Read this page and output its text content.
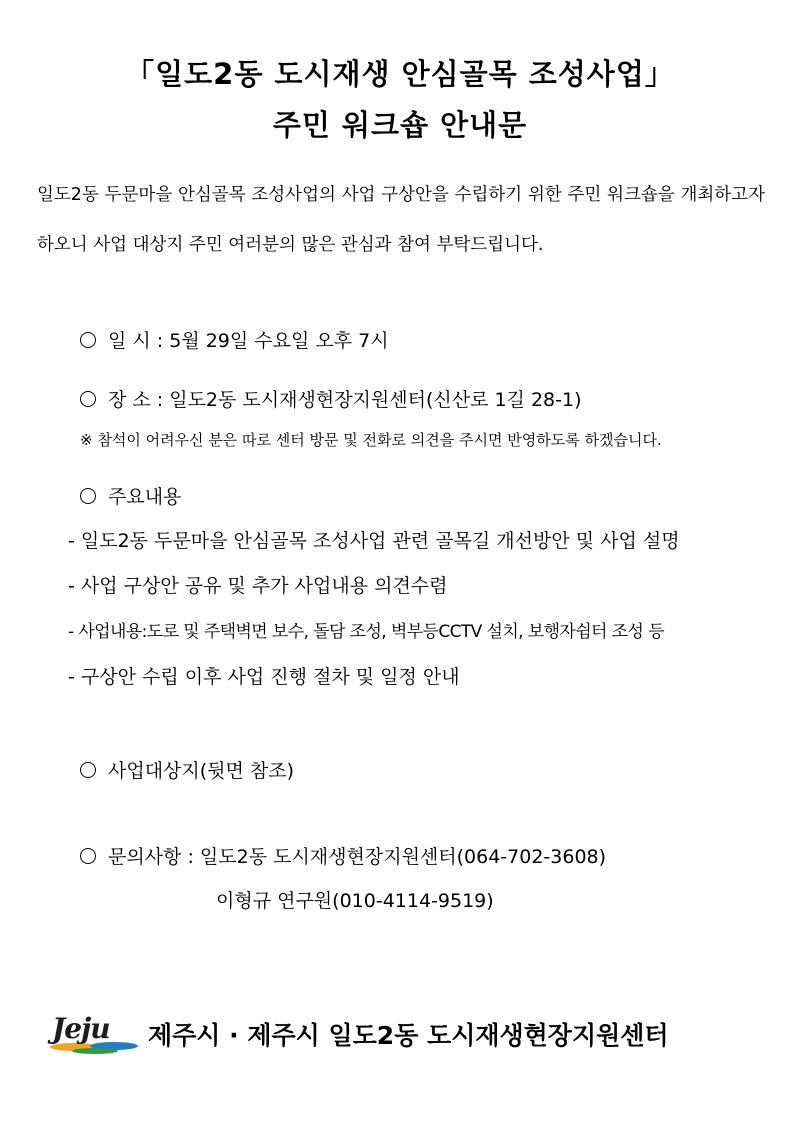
「일도2동 도시재생 안심골목 조성사업」
주민 워크숍 안내문
일도2동 두문마을 안심골목 조성사업의 사업 구상안을 수립하기 위한 주민 워크숍을 개최하고자 하오니 사업 대상지 주민 여러분의 많은 관심과 참여 부탁드립니다.
일 시 : 5월 29일 수요일 오후 7시
장 소 : 일도2동 도시재생현장지원센터(신산로 1길 28-1)
※ 참석이 어려우신 분은 따로 센터 방문 및 전화로 의견을 주시면 반영하도록 하겠습니다.
주요내용
- 일도2동 두문마을 안심골목 조성사업 관련 골목길 개선방안 및 사업 설명
- 사업 구상안 공유 및 추가 사업내용 의견수렴
- 사업내용:도로 및 주택벽면 보수, 돌담 조성, 벽부등CCTV 설치, 보행자쉼터 조성 등
- 구상안 수립 이후 사업 진행 절차 및 일정 안내
사업대상지(뒷면 참조)
문의사항 : 일도2동 도시재생현장지원센터(064-702-3608)
이형규 연구원(010-4114-9519)
Jeju 제주시 · 제주시 일도2동 도시재생현장지원센터
